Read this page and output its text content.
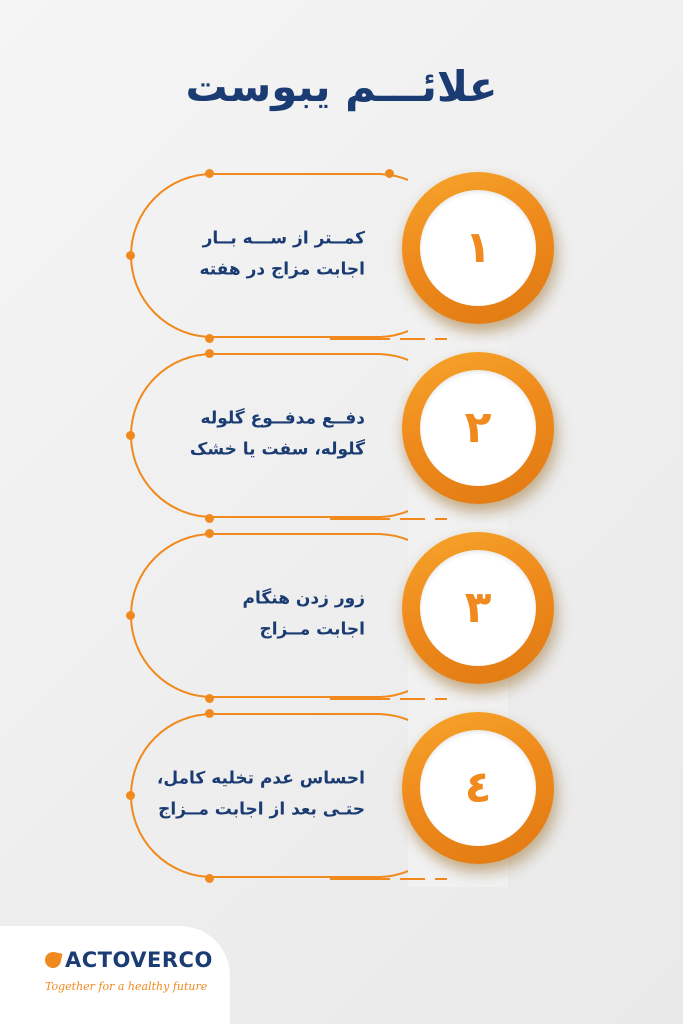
علائـــم یبوست
كمــتر از ســـه بــار
اجابت مزاج در هفته ١
دفــع مدفــوع گلوله
گلوله، سفت یا خشک ٢
زور زدن هنگام
اجابت مــزاج ٣
احساس عدم تخلیه کامل،
حتـی بعد از اجابت مــزاج ٤
ACTOVERCO
Together for a healthy future
